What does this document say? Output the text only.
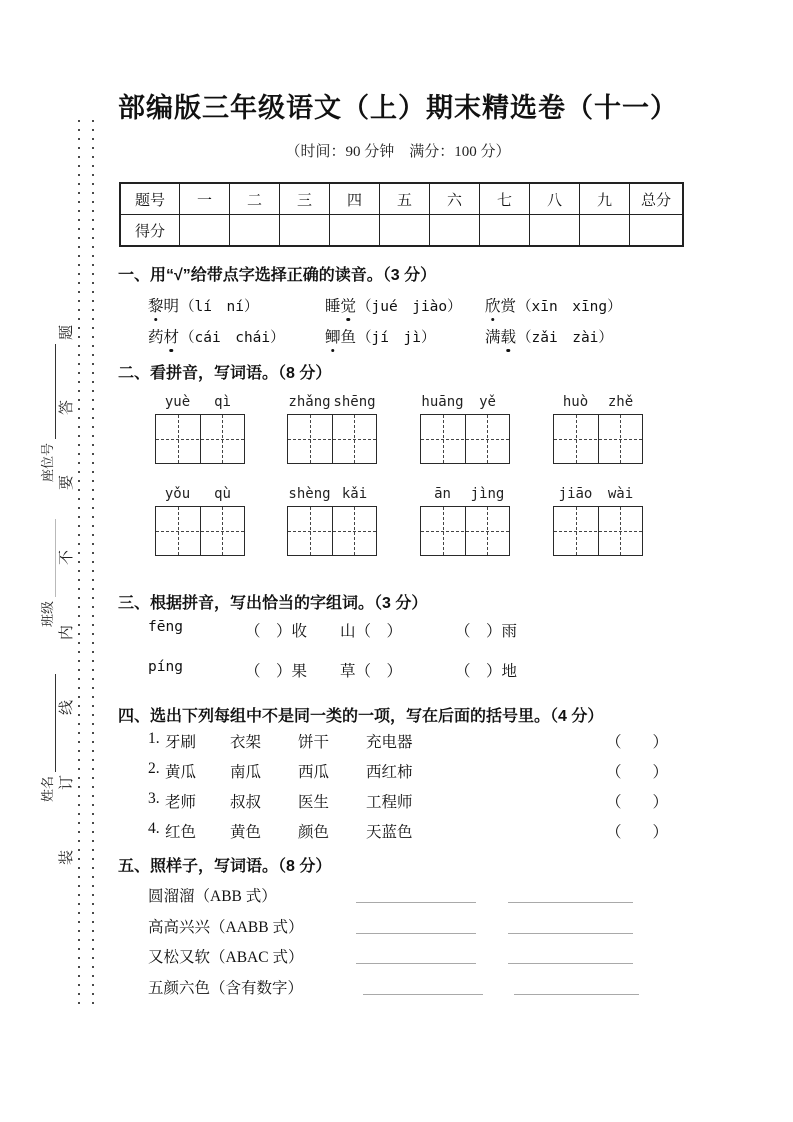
装订线内不要答题
座位号
班级
姓名
部编版三年级语文（上）期末精选卷（十一）
（时间：90 分钟　满分：100 分）
题号	一	二	三	四	五	六	七	八	九	总分
得分										
一、用“√”给带点字选择正确的读音。（3 分）
黎明（lí　ní）	睡觉（jué　jiào） 欣赏（xīn　xīng）
药材（cái　chái）	鲫鱼（jí　jì）	满载（zǎi　zài）
二、看拼音，写词语。（8 分）
yuè	qì	zhǎng shēng	huāng	yě	huò	zhě
yǒu	qù	shèng kǎi	ān	jìng	jiāo	wài
三、根据拼音，写出恰当的字组词。（3 分）
fēng	（　）收 山（　）	（　）雨
píng	（　）果 草（　）	（　）地
四、选出下列每组中不是同一类的一项，写在后面的括号里。（4 分）
1. 牙刷 衣架 饼干 充电器	（　　）
2. 黄瓜 南瓜 西瓜 西红柿	（　　）
3. 老师 叔叔 医生 工程师	（　　）
4. 红色 黄色 颜色 天蓝色	（　　）
五、照样子，写词语。（8 分）
圆溜溜（ABB 式）
高高兴兴（AABB 式）
又松又软（ABAC 式）
五颜六色（含有数字）
